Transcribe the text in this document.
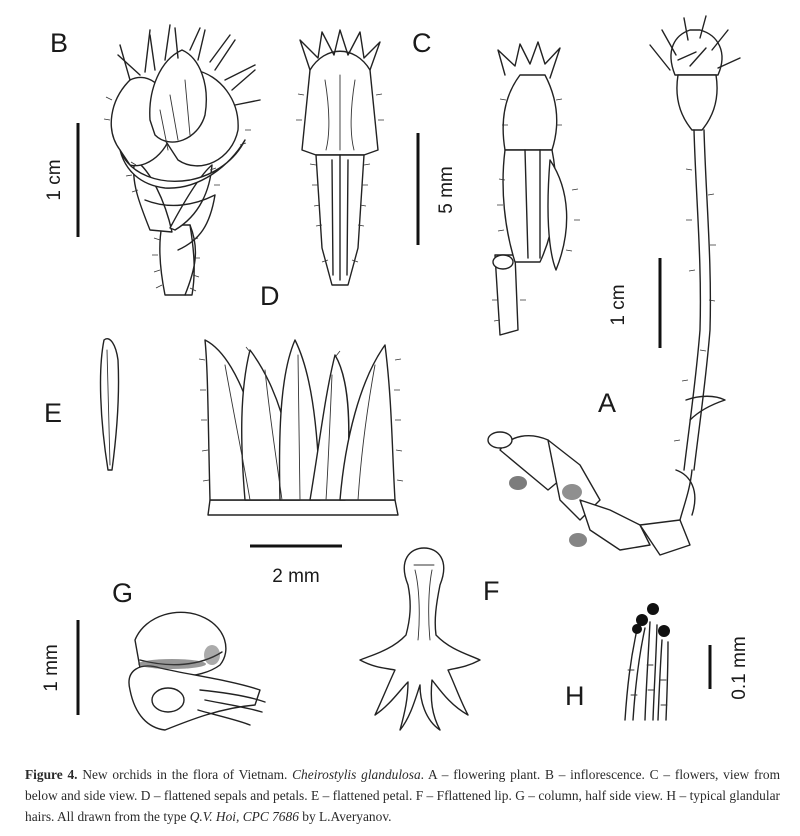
1 cm	5 mm
1 cm
2 mm
1 mm	0.1 mm
B	C
D
A
E
F
G
H
Figure 4. New orchids in the flora of Vietnam. Cheirostylis glandulosa. A – flowering plant. B – inflorescence. C – flowers, view from below and side view. D – flattened sepals and petals. E – flattened petal. F – Fflattened lip. G – column, half side view. H – typical glandular hairs. All drawn from the type Q.V. Hoi, CPC 7686 by L.Averyanov.
